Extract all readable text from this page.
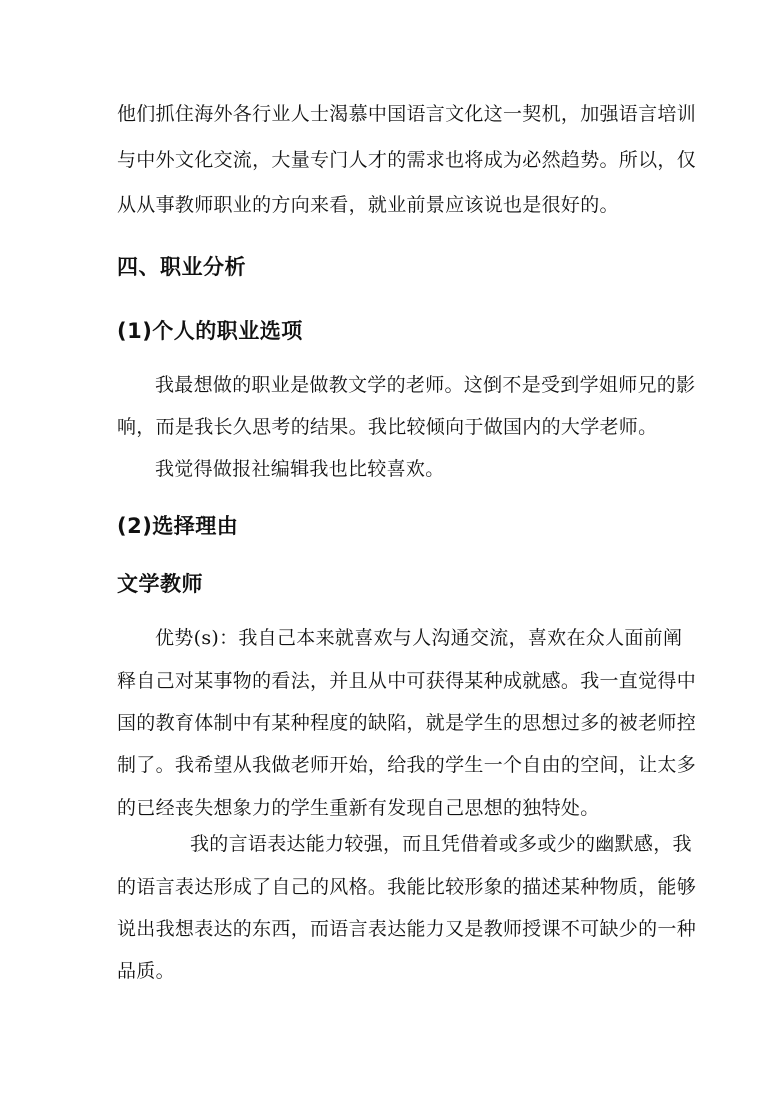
他们抓住海外各行业人士渴慕中国语言文化这一契机，加强语言培训
与中外文化交流，大量专门人才的需求也将成为必然趋势。所以，仅
从从事教师职业的方向来看，就业前景应该说也是很好的。
四、职业分析
(1)个人的职业选项
我最想做的职业是做教文学的老师。这倒不是受到学姐师兄的影
响，而是我长久思考的结果。我比较倾向于做国内的大学老师。
我觉得做报社编辑我也比较喜欢。
(2)选择理由
文学教师
优势(s)：我自己本来就喜欢与人沟通交流，喜欢在众人面前阐
释自己对某事物的看法，并且从中可获得某种成就感。我一直觉得中
国的教育体制中有某种程度的缺陷，就是学生的思想过多的被老师控
制了。我希望从我做老师开始，给我的学生一个自由的空间，让太多
的已经丧失想象力的学生重新有发现自己思想的独特处。
我的言语表达能力较强，而且凭借着或多或少的幽默感，我
的语言表达形成了自己的风格。我能比较形象的描述某种物质，能够
说出我想表达的东西，而语言表达能力又是教师授课不可缺少的一种
品质。
